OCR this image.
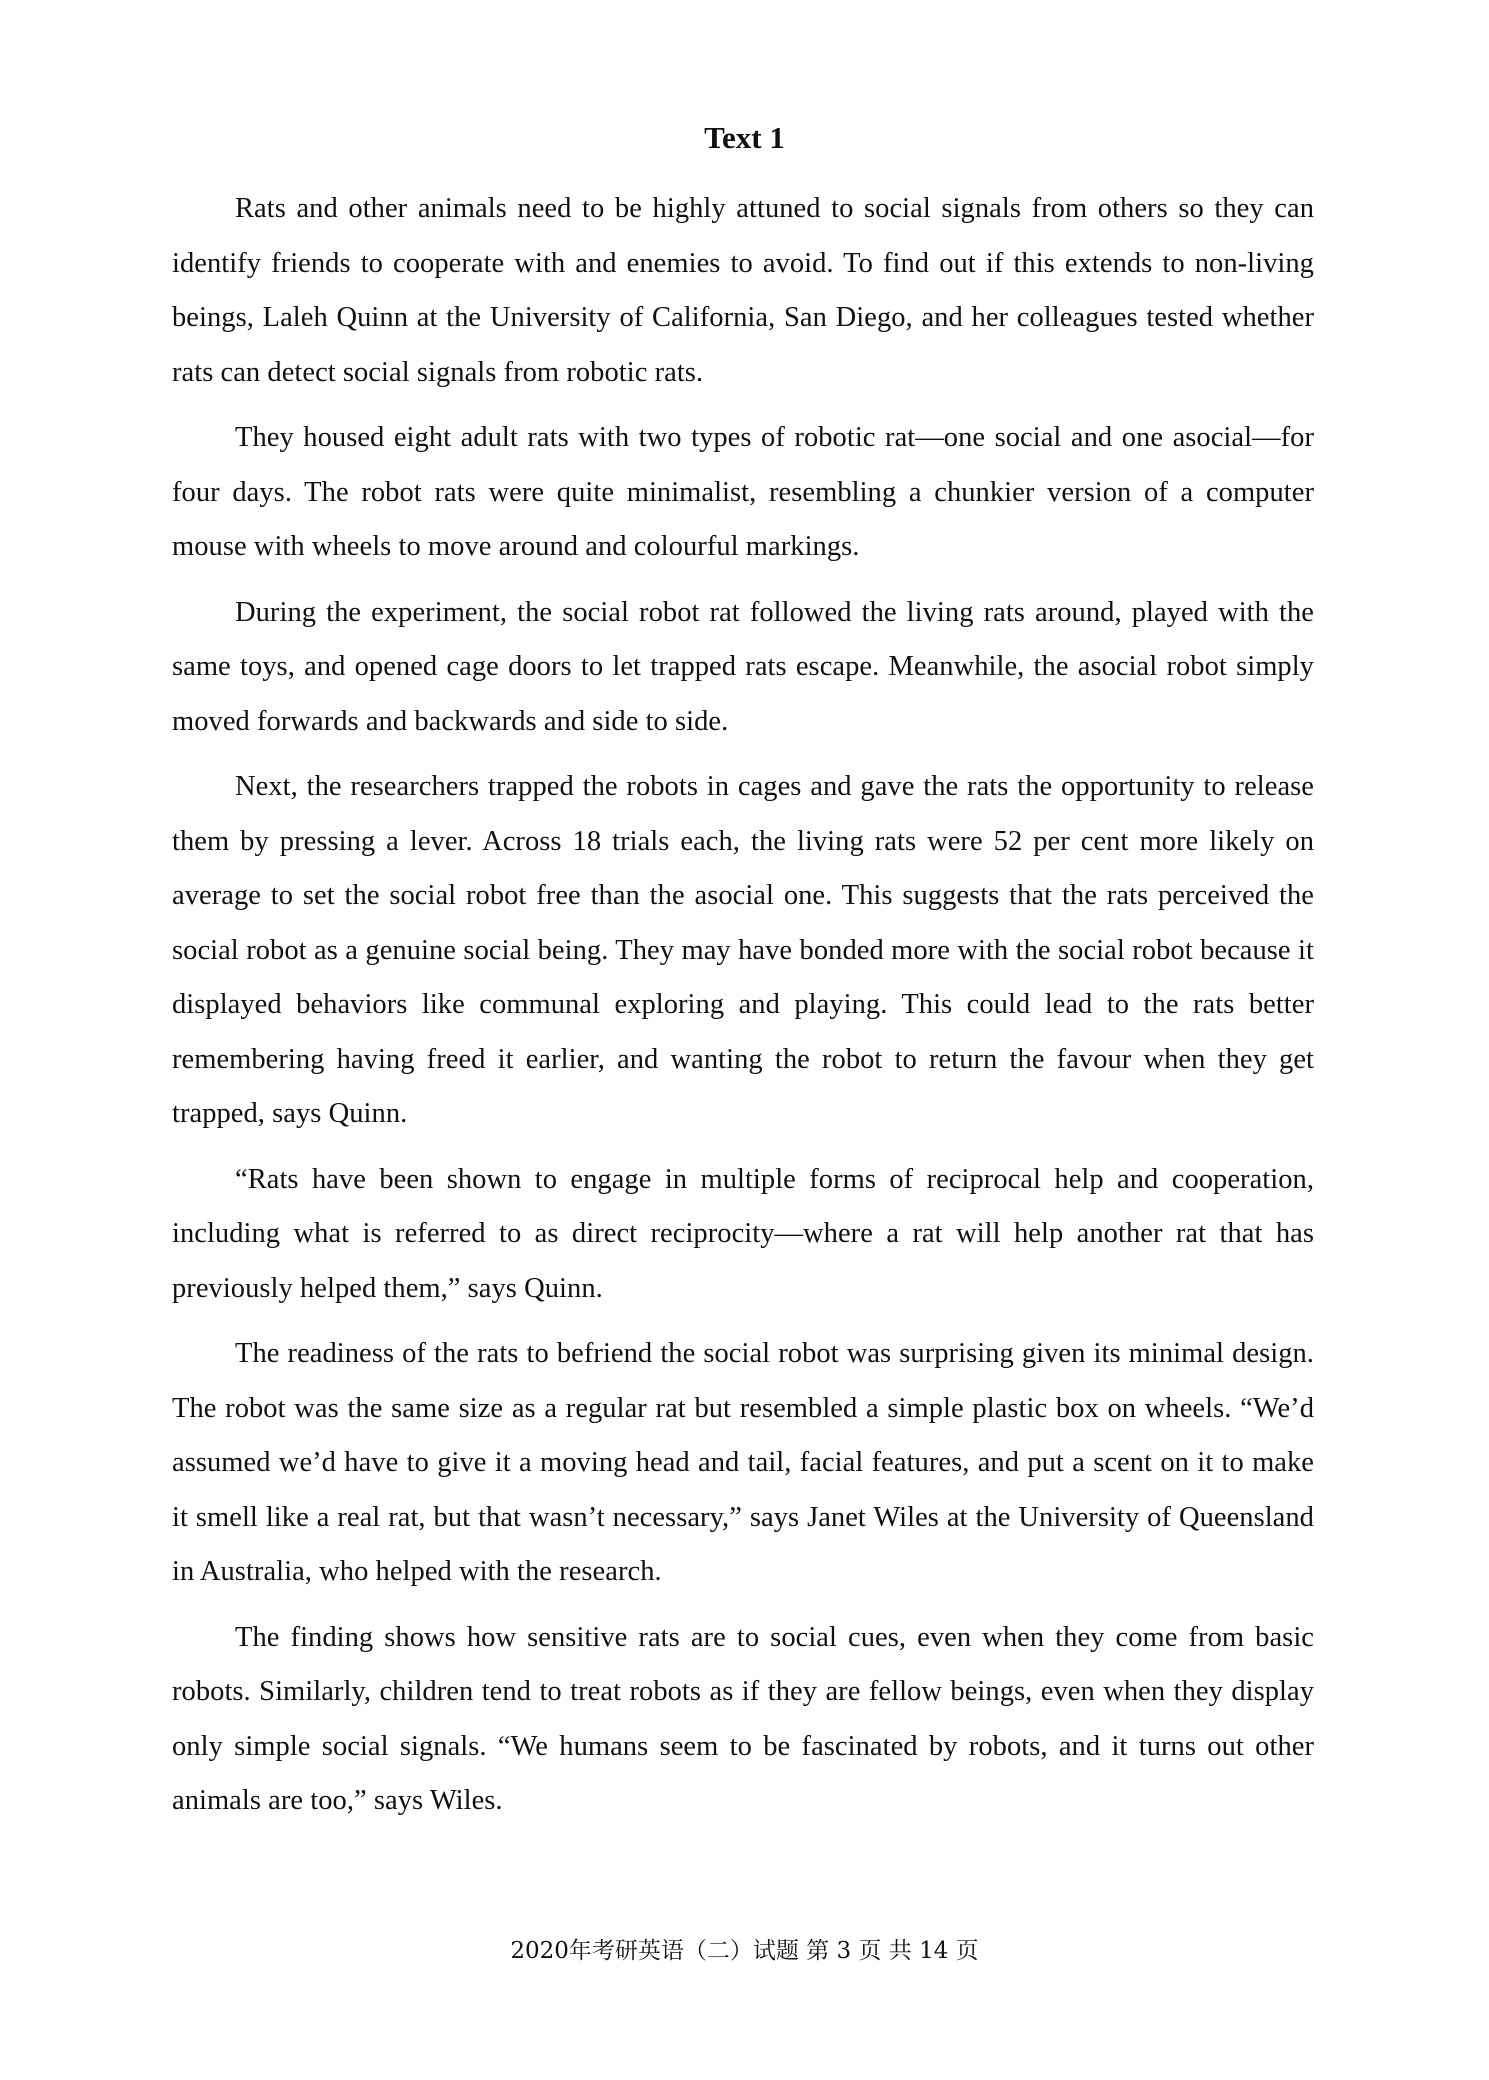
Text 1

Rats and other animals need to be highly attuned to social signals from others so they can identify friends to cooperate with and enemies to avoid. To find out if this extends to non-living beings, Laleh Quinn at the University of California, San Diego, and her colleagues tested whether rats can detect social signals from robotic rats.

They housed eight adult rats with two types of robotic rat—one social and one asocial—for four days. The robot rats were quite minimalist, resembling a chunkier version of a computer mouse with wheels to move around and colourful markings.

During the experiment, the social robot rat followed the living rats around, played with the same toys, and opened cage doors to let trapped rats escape. Meanwhile, the asocial robot simply moved forwards and backwards and side to side.

Next, the researchers trapped the robots in cages and gave the rats the opportunity to release them by pressing a lever. Across 18 trials each, the living rats were 52 per cent more likely on average to set the social robot free than the asocial one. This suggests that the rats perceived the social robot as a genuine social being. They may have bonded more with the social robot because it displayed behaviors like communal exploring and playing. This could lead to the rats better remembering having freed it earlier, and wanting the robot to return the favour when they get trapped, says Quinn.

“Rats have been shown to engage in multiple forms of reciprocal help and cooperation, including what is referred to as direct reciprocity—where a rat will help another rat that has previously helped them,” says Quinn.

The readiness of the rats to befriend the social robot was surprising given its minimal design. The robot was the same size as a regular rat but resembled a simple plastic box on wheels. “We’d assumed we’d have to give it a moving head and tail, facial features, and put a scent on it to make it smell like a real rat, but that wasn’t necessary,” says Janet Wiles at the University of Queensland in Australia, who helped with the research.

The finding shows how sensitive rats are to social cues, even when they come from basic robots. Similarly, children tend to treat robots as if they are fellow beings, even when they display only simple social signals. “We humans seem to be fascinated by robots, and it turns out other animals are too,” says Wiles.

2020年考研英语（二）试题 第 3 页 共 14 页
